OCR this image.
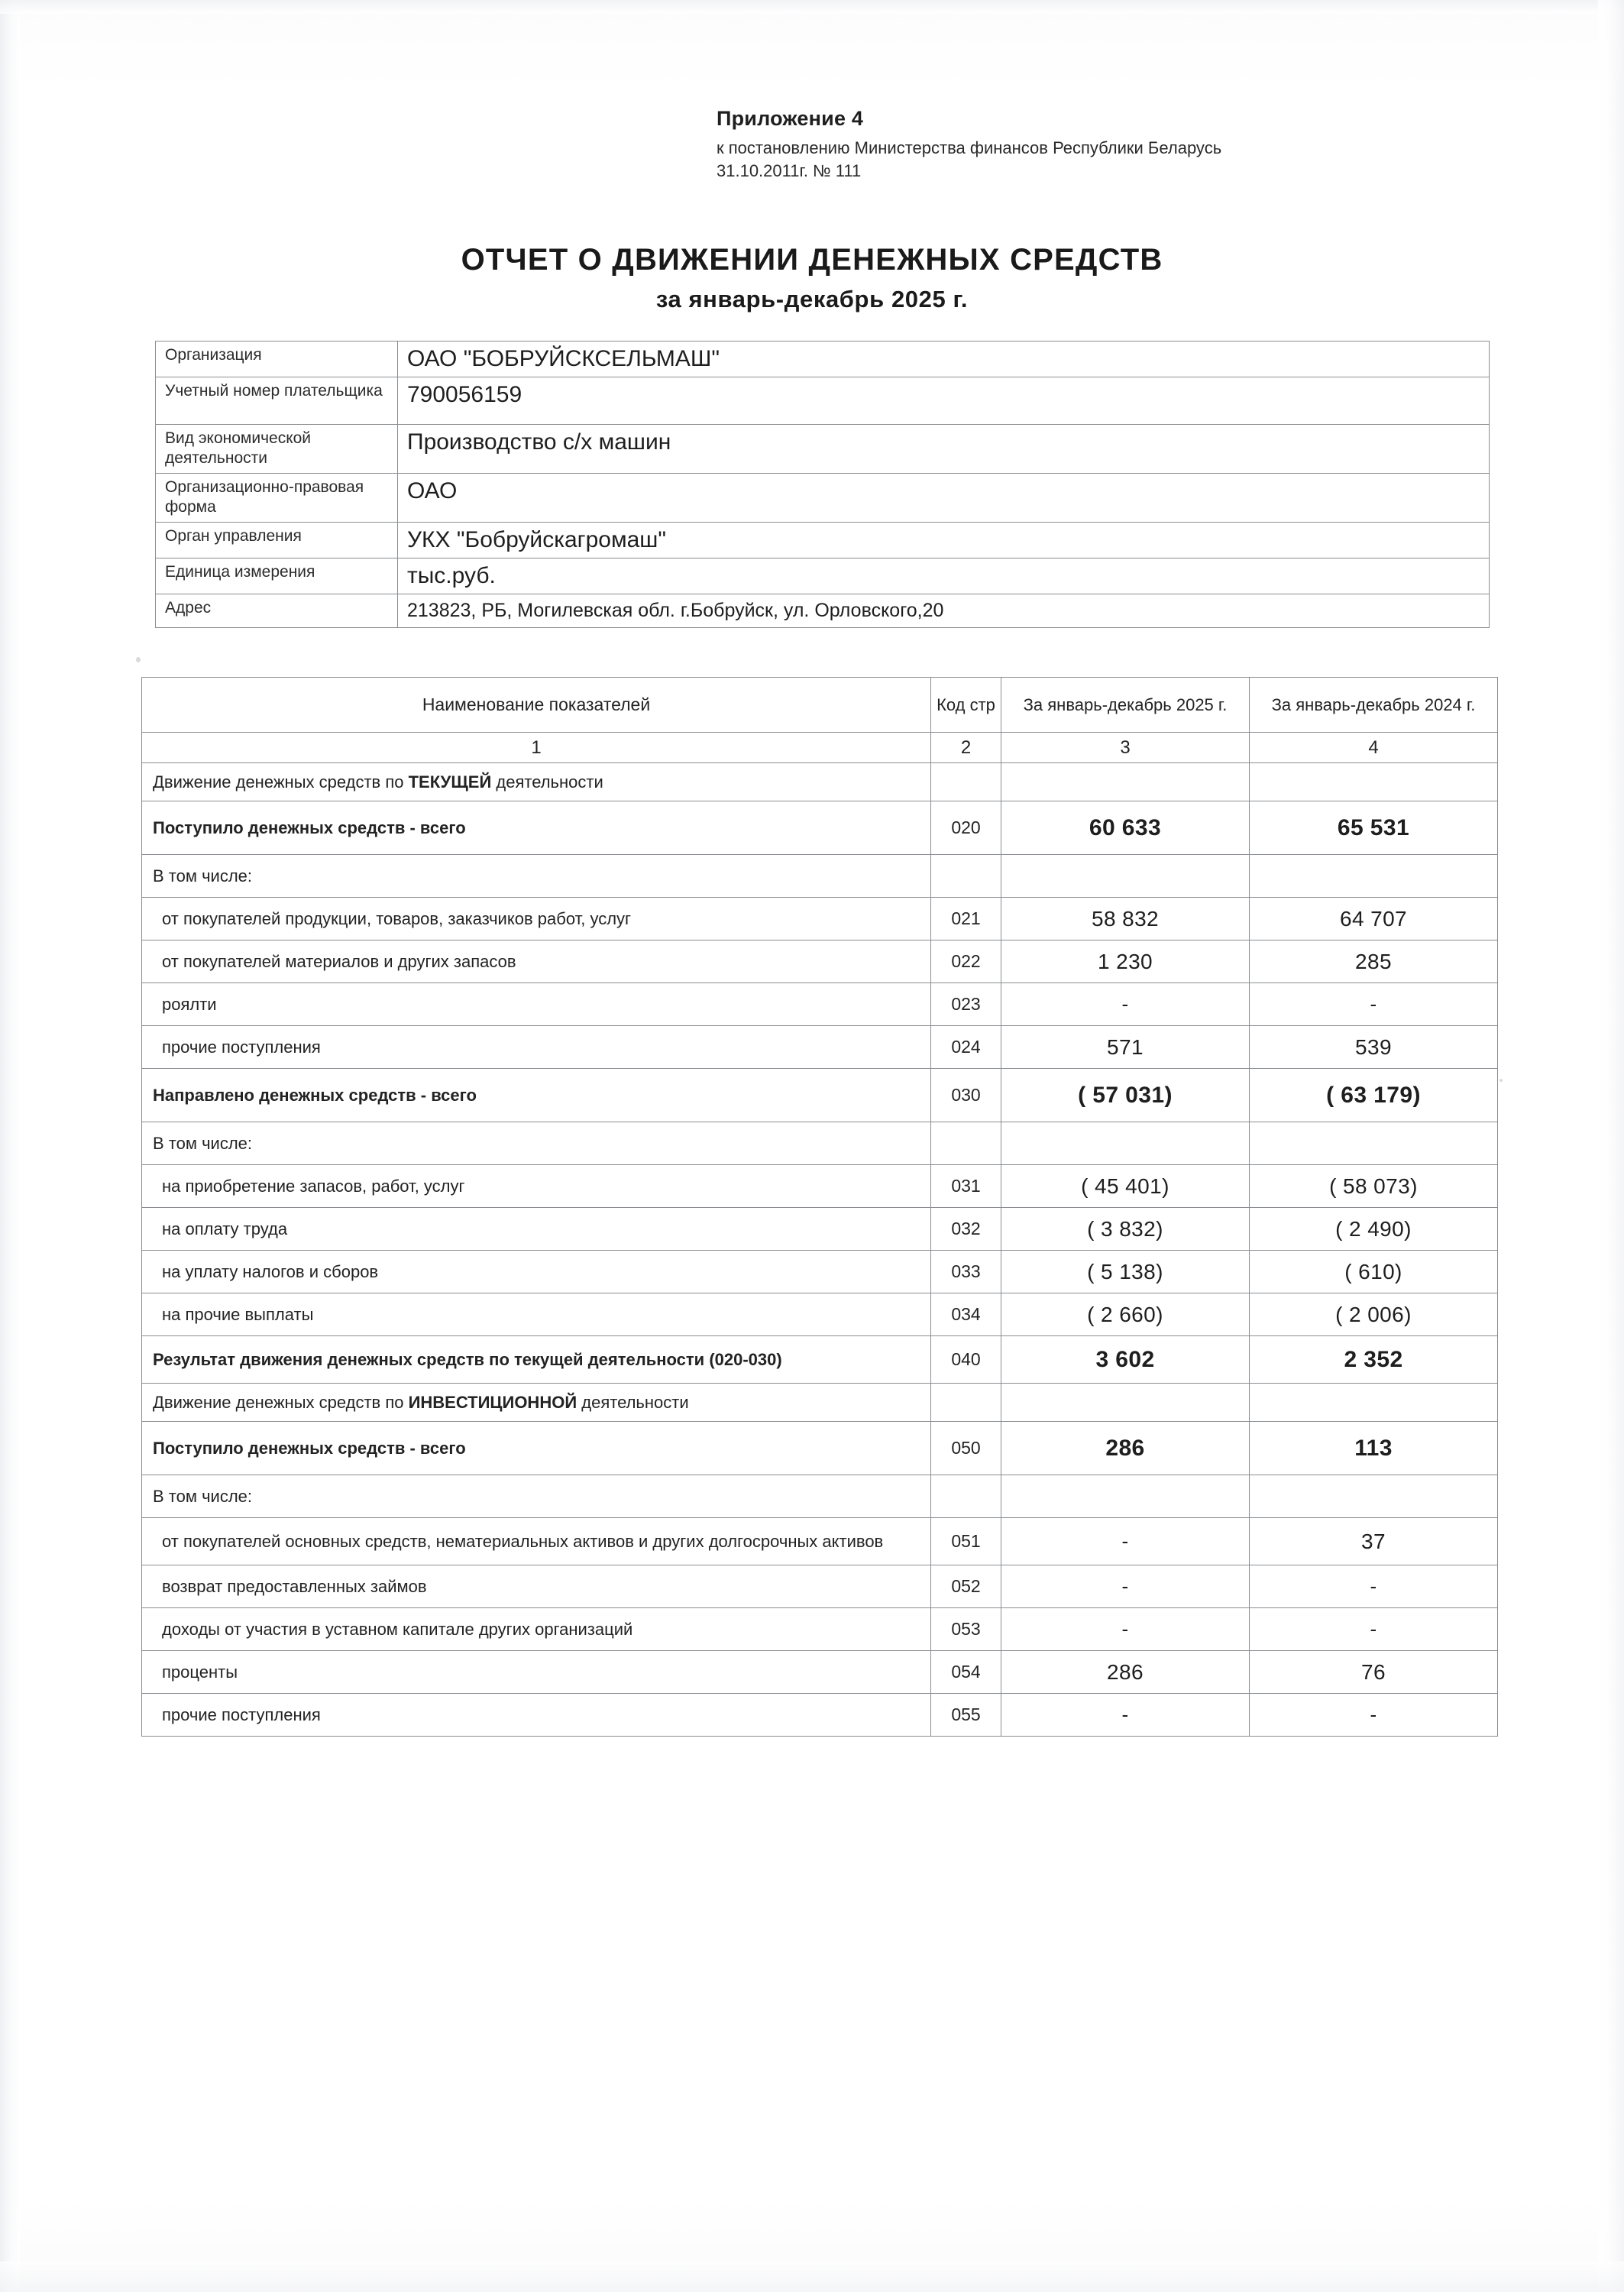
Приложение 4
к постановлению Министерства финансов Республики Беларусь
31.10.2011г. № 111
ОТЧЕТ О ДВИЖЕНИИ ДЕНЕЖНЫХ СРЕДСТВ
за январь-декабрь 2025 г.
Организация	ОАО "БОБРУЙСКСЕЛЬМАШ"
Учетный номер плательщика	790056159
Вид экономической деятельности	Производство с/х машин
Организационно-правовая форма	ОАО
Орган управления	УКХ "Бобруйскагромаш"
Единица измерения	тыс.руб.
Адрес	213823, РБ, Могилевская обл. г.Бобруйск, ул. Орловского,20
Наименование показателей	Код стр	За январь-декабрь 2025 г.	За январь-декабрь 2024 г.
1	2	3	4
Движение денежных средств по ТЕКУЩЕЙ деятельности			
Поступило денежных средств - всего	020	60 633	65 531
В том числе:			
от покупателей продукции, товаров, заказчиков работ, услуг	021	58 832	64 707
от покупателей материалов и других запасов	022	1 230	285
роялти	023	-	-
прочие поступления	024	571	539
Направлено денежных средств - всего	030	( 57 031)	( 63 179)
В том числе:			
на приобретение запасов, работ, услуг	031	( 45 401)	( 58 073)
на оплату труда	032	( 3 832)	( 2 490)
на уплату налогов и сборов	033	( 5 138)	( 610)
на прочие выплаты	034	( 2 660)	( 2 006)
Результат движения денежных средств по текущей деятельности (020-030)	040	3 602	2 352
Движение денежных средств по ИНВЕСТИЦИОННОЙ деятельности			
Поступило денежных средств - всего	050	286	113
В том числе:			
от покупателей основных средств, нематериальных активов и других долгосрочных активов	051	-	37
возврат предоставленных займов	052	-	-
доходы от участия в уставном капитале других организаций	053	-	-
проценты	054	286	76
прочие поступления	055	-	-
